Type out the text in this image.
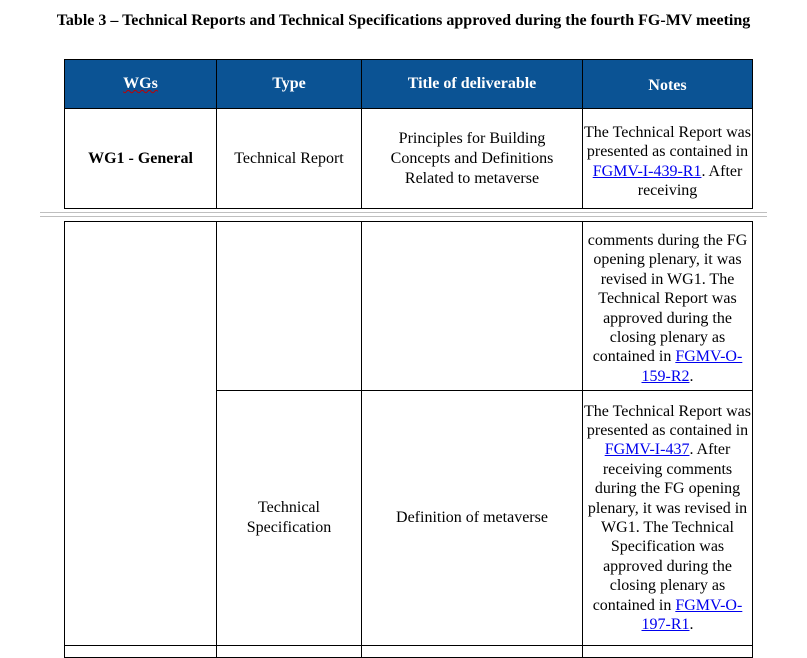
Table 3 – Technical Reports and Technical Specifications approved during the fourth FG-MV meeting
WGs	Type	Title of deliverable	Notes
WG1 - General	Technical Report	Principles for Building Concepts and Definitions Related to metaverse	The Technical Report was presented as contained in FGMV-I-439-R1. After receiving
			comments during the FG opening plenary, it was revised in WG1. The Technical Report was approved during the closing plenary as contained in FGMV-O-159-R2.
	Technical Specification	Definition of metaverse	The Technical Report was presented as contained in FGMV-I-437. After receiving comments during the FG opening plenary, it was revised in WG1. The Technical Specification was approved during the closing plenary as contained in FGMV-O-197-R1.
